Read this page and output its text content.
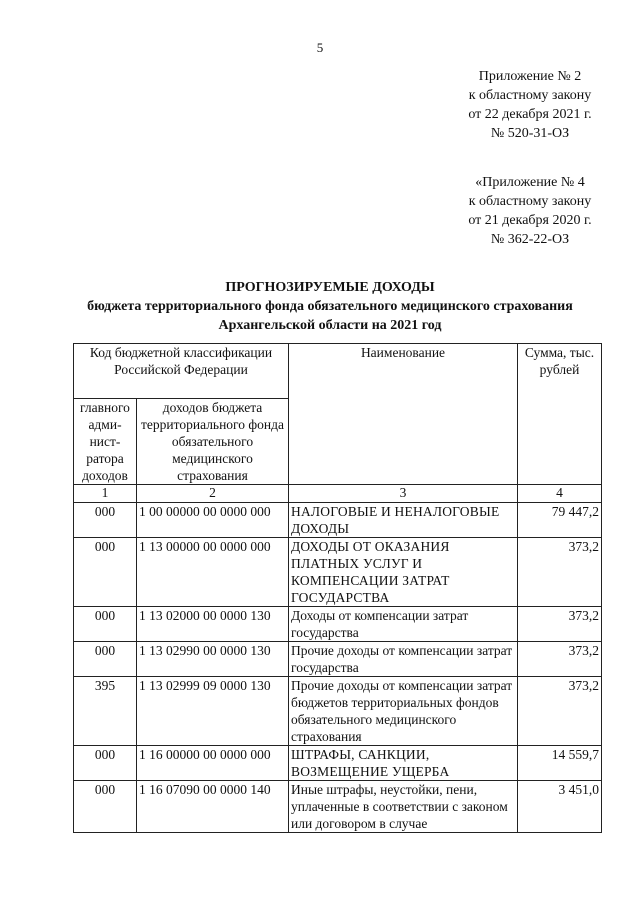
5
Приложение № 2
к областному закону
от 22 декабря 2021 г.
№ 520-31-ОЗ
«Приложение № 4
к областному закону
от 21 декабря 2020 г.
№ 362-22-ОЗ
ПРОГНОЗИРУЕМЫЕ ДОХОДЫ
бюджета территориального фонда обязательного медицинского страхования
Архангельской области на 2021 год
Код бюджетной классификации Российской Федерации		Наименование	Сумма, тыс. рублей
главного адми-нист-ратора доходов	доходов бюджета территориального фонда обязательного медицинского страхования		
1	2	3	4
000	1 00 00000 00 0000 000	НАЛОГОВЫЕ И НЕНАЛОГОВЫЕ ДОХОДЫ	79 447,2
000	1 13 00000 00 0000 000	ДОХОДЫ ОТ ОКАЗАНИЯ ПЛАТНЫХ УСЛУГ И КОМПЕНСАЦИИ ЗАТРАТ ГОСУДАРСТВА	373,2
000	1 13 02000 00 0000 130	Доходы от компенсации затрат государства	373,2
000	1 13 02990 00 0000 130	Прочие доходы от компенсации затрат государства	373,2
395	1 13 02999 09 0000 130	Прочие доходы от компенсации затрат бюджетов территориальных фондов обязательного медицинского страхования	373,2
000	1 16 00000 00 0000 000	ШТРАФЫ, САНКЦИИ, ВОЗМЕЩЕНИЕ УЩЕРБА	14 559,7
000	1 16 07090 00 0000 140	Иные штрафы, неустойки, пени, уплаченные в соответствии с законом или договором в случае	3 451,0
